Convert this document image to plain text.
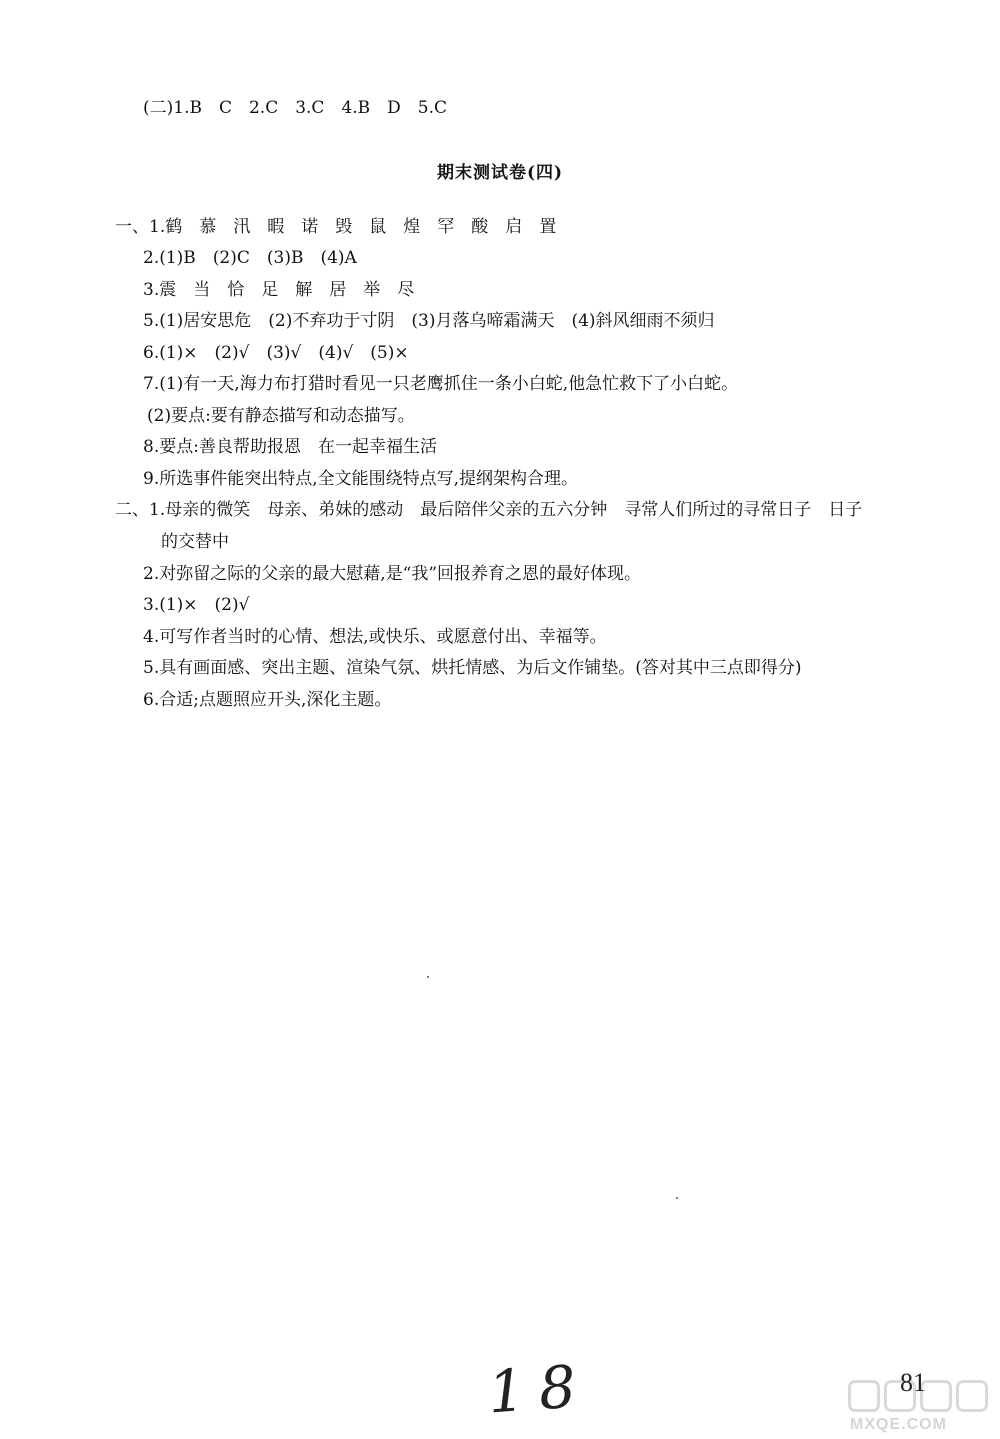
(二)1.B　C　2.C　3.C　4.B　D　5.C
期末测试卷(四)
一、1.鹤　慕　汛　暇　诺　毁　鼠　煌　罕　酸　启　置
2.(1)B　(2)C　(3)B　(4)A
3.震　当　恰　足　解　居　举　尽
5.(1)居安思危　(2)不弃功于寸阴　(3)月落乌啼霜满天　(4)斜风细雨不须归
6.(1)×　(2)√　(3)√　(4)√　(5)×
7.(1)有一天,海力布打猎时看见一只老鹰抓住一条小白蛇,他急忙救下了小白蛇。
(2)要点:要有静态描写和动态描写。
8.要点:善良帮助报恩　在一起幸福生活
9.所选事件能突出特点,全文能围绕特点写,提纲架构合理。
二、1.母亲的微笑　母亲、弟妹的感动　最后陪伴父亲的五六分钟　寻常人们所过的寻常日子　日子
的交替中
2.对弥留之际的父亲的最大慰藉,是“我”回报养育之恩的最好体现。
3.(1)×　(2)√
4.可写作者当时的心情、想法,或快乐、或愿意付出、幸福等。
5.具有画面感、突出主题、渲染气氛、烘托情感、为后文作铺垫。(答对其中三点即得分)
6.合适;点题照应开头,深化主题。
18	MXQE.COM
81
